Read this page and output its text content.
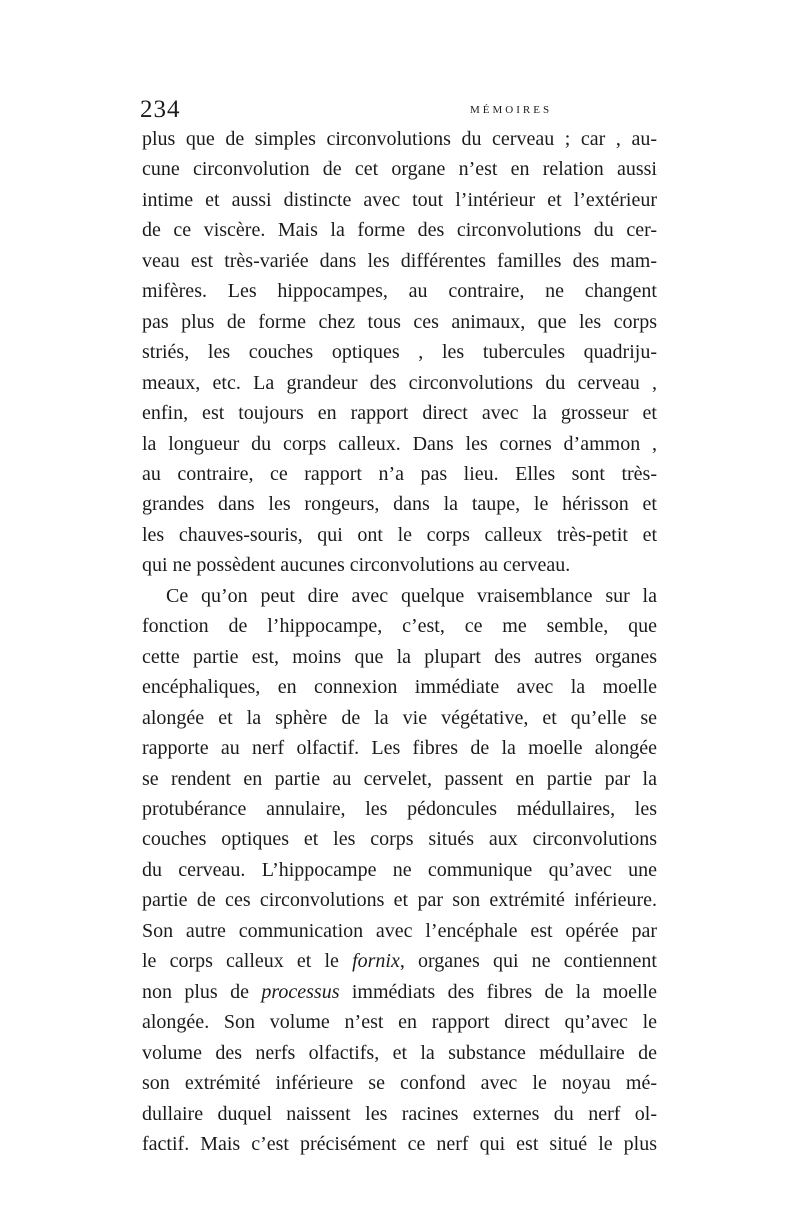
234	MÉMOIRES
plus que de simples circonvolutions du cerveau ; car , au-
cune circonvolution de cet organe n’est en relation aussi
intime et aussi distincte avec tout l’intérieur et l’extérieur
de ce viscère. Mais la forme des circonvolutions du cer-
veau est très-variée dans les différentes familles des mam-
mifères. Les hippocampes, au contraire, ne changent
pas plus de forme chez tous ces animaux, que les corps
striés, les couches optiques , les tubercules quadriju-
meaux, etc. La grandeur des circonvolutions du cerveau ,
enfin, est toujours en rapport direct avec la grosseur et
la longueur du corps calleux. Dans les cornes d’ammon ,
au contraire, ce rapport n’a pas lieu. Elles sont très-
grandes dans les rongeurs, dans la taupe, le hérisson et
les chauves-souris, qui ont le corps calleux très-petit et
qui ne possèdent aucunes circonvolutions au cerveau.
Ce qu’on peut dire avec quelque vraisemblance sur la
fonction de l’hippocampe, c’est, ce me semble, que
cette partie est, moins que la plupart des autres organes
encéphaliques, en connexion immédiate avec la moelle
alongée et la sphère de la vie végétative, et qu’elle se
rapporte au nerf olfactif. Les fibres de la moelle alongée
se rendent en partie au cervelet, passent en partie par la
protubérance annulaire, les pédoncules médullaires, les
couches optiques et les corps situés aux circonvolutions
du cerveau. L’hippocampe ne communique qu’avec une
partie de ces circonvolutions et par son extrémité inférieure.
Son autre communication avec l’encéphale est opérée par
le corps calleux et le fornix, organes qui ne contiennent
non plus de processus immédiats des fibres de la moelle
alongée. Son volume n’est en rapport direct qu’avec le
volume des nerfs olfactifs, et la substance médullaire de
son extrémité inférieure se confond avec le noyau mé-
dullaire duquel naissent les racines externes du nerf ol-
factif. Mais c’est précisément ce nerf qui est situé le plus
